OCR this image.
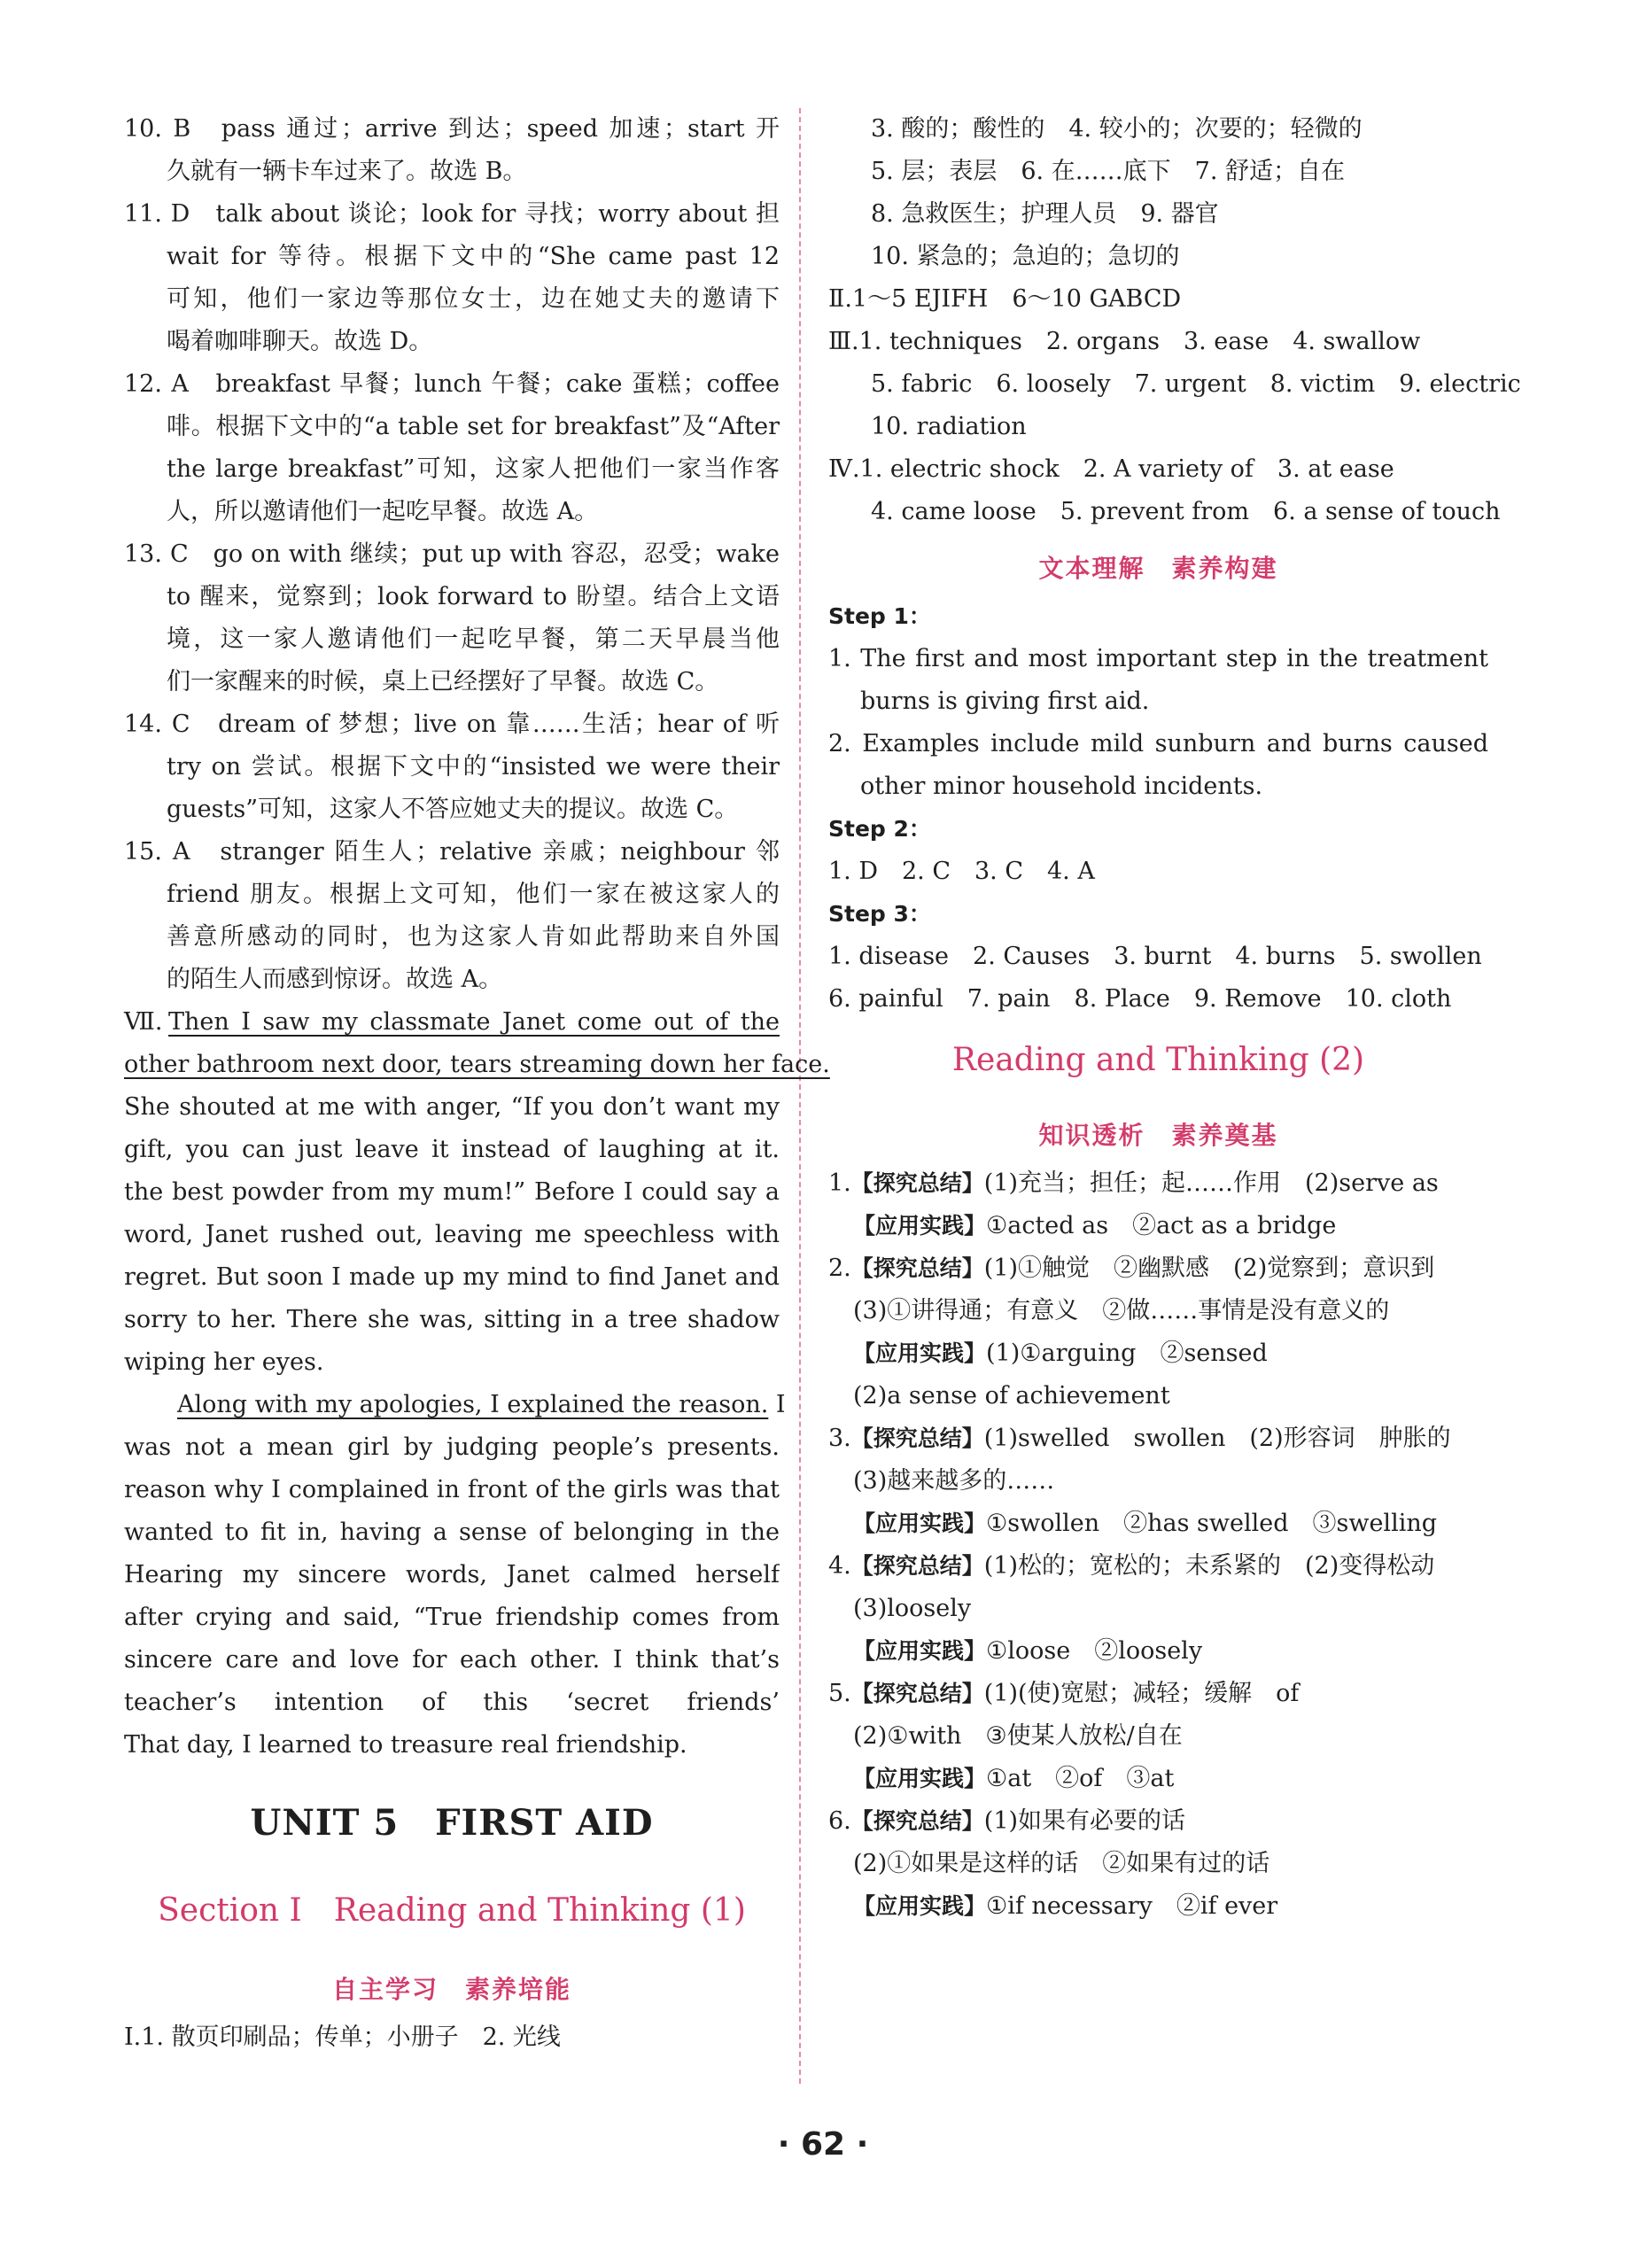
10. B　pass 通过；arrive 到达；speed 加速；start 开
久就有一辆卡车过来了。故选 B。
11. D　talk about 谈论；look for 寻找；worry about 担
wait for 等待。根据下文中的“She came past 12
可知，他们一家边等那位女士，边在她丈夫的邀请下
喝着咖啡聊天。故选 D。
12. A　breakfast 早餐；lunch 午餐；cake 蛋糕；coffee
啡。根据下文中的“a table set for breakfast”及“After
the large breakfast”可知，这家人把他们一家当作客
人，所以邀请他们一起吃早餐。故选 A。
13. C　go on with 继续；put up with 容忍，忍受；wake
to 醒来，觉察到；look forward to 盼望。结合上文语
境，这一家人邀请他们一起吃早餐，第二天早晨当他
们一家醒来的时候，桌上已经摆好了早餐。故选 C。
14. C　dream of 梦想；live on 靠……生活；hear of 听
try on 尝试。根据下文中的“insisted we were their
guests”可知，这家人不答应她丈夫的提议。故选 C。
15. A　stranger 陌生人；relative 亲戚；neighbour 邻
friend 朋友。根据上文可知，他们一家在被这家人的
善意所感动的同时，也为这家人肯如此帮助来自外国
的陌生人而感到惊讶。故选 A。
Ⅶ. Then I saw my classmate Janet come out of the
other bathroom next door, tears streaming down her face.
She shouted at me with anger, “If you don’t want my
gift, you can just leave it instead of laughing at it.
the best powder from my mum!” Before I could say a
word, Janet rushed out, leaving me speechless with
regret. But soon I made up my mind to find Janet and
sorry to her. There she was, sitting in a tree shadow
wiping her eyes.
Along with my apologies, I explained the reason. I
was not a mean girl by judging people’s presents.
reason why I complained in front of the girls was that
wanted to fit in, having a sense of belonging in the
Hearing my sincere words, Janet calmed herself
after crying and said, “True friendship comes from
sincere care and love for each other. I think that’s
teacher’s intention of this ‘secret friends’
That day, I learned to treasure real friendship.
UNIT 5　FIRST AID
Section Ⅰ　Reading and Thinking (1)
自主学习　素养培能
Ⅰ.1. 散页印刷品；传单；小册子　2. 光线
3. 酸的；酸性的　4. 较小的；次要的；轻微的
5. 层；表层　6. 在……底下　7. 舒适；自在
8. 急救医生；护理人员　9. 器官
10. 紧急的；急迫的；急切的
Ⅱ.1～5 EJIFH　6～10 GABCD
Ⅲ.1. techniques　2. organs　3. ease　4. swallow
5. fabric　6. loosely　7. urgent　8. victim　9. electric
10. radiation
Ⅳ.1. electric shock　2. A variety of　3. at ease
4. came loose　5. prevent from　6. a sense of touch
文本理解　素养构建
Step 1：
1. The first and most important step in the treatment
burns is giving first aid.
2. Examples include mild sunburn and burns caused
other minor household incidents.
Step 2：
1. D　2. C　3. C　4. A
Step 3：
1. disease　2. Causes　3. burnt　4. burns　5. swollen
6. painful　7. pain　8. Place　9. Remove　10. cloth
Reading and Thinking (2)
知识透析　素养奠基
1.【探究总结】(1)充当；担任；起……作用　(2)serve as
【应用实践】①acted as　②act as a bridge
2.【探究总结】(1)①触觉　②幽默感　(2)觉察到；意识到
(3)①讲得通；有意义　②做……事情是没有意义的
【应用实践】(1)①arguing　②sensed
(2)a sense of achievement
3.【探究总结】(1)swelled　swollen　(2)形容词　肿胀的
(3)越来越多的……
【应用实践】①swollen　②has swelled　③swelling
4.【探究总结】(1)松的；宽松的；未系紧的　(2)变得松动
(3)loosely
【应用实践】①loose　②loosely
5.【探究总结】(1)(使)宽慰；减轻；缓解　of
(2)①with　③使某人放松/自在
【应用实践】①at　②of　③at
6.【探究总结】(1)如果有必要的话
(2)①如果是这样的话　②如果有过的话
【应用实践】①if necessary　②if ever
· 62 ·
